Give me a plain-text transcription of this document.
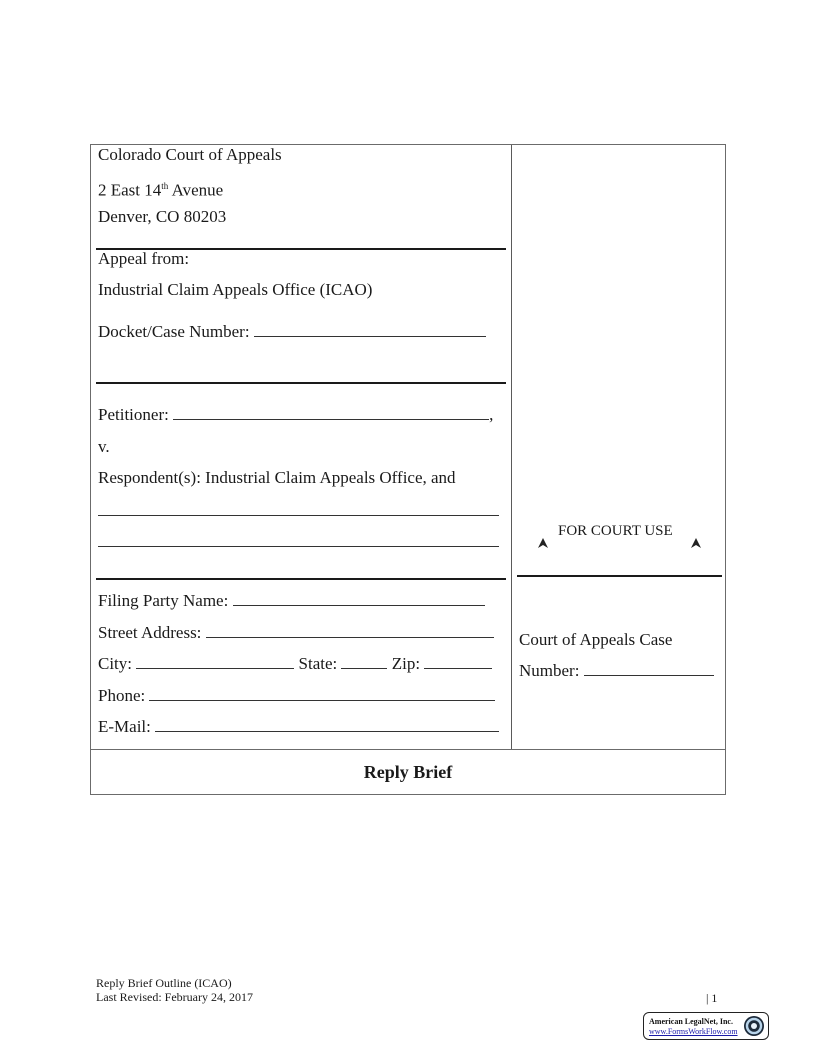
Colorado Court of Appeals
2 East 14th Avenue
Denver, CO 80203
Appeal from:
Industrial Claim Appeals Office (ICAO)
Docket/Case Number:
Petitioner:	,
v.
Respondent(s): Industrial Claim Appeals Office, and
Filing Party Name:
Street Address:
City:	State:	Zip:
Phone:
E-Mail:
FOR COURT USE
Court of Appeals Case
Number:
Reply Brief
Reply Brief Outline (ICAO)
Last Revised: February 24, 2017	| 1
American LegalNet, Inc.
www.FormsWorkFlow.com
